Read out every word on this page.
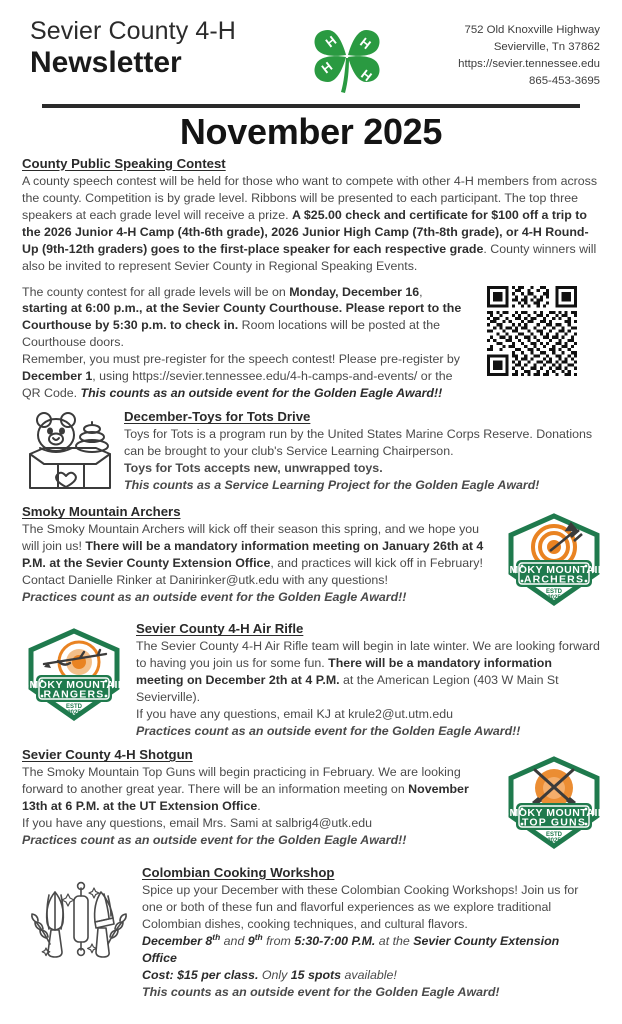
Sevier County 4-H
Newsletter
H H
H H
752 Old Knoxville Highway
Sevierville, Tn 37862
https://sevier.tennessee.edu
865-453-3695
November 2025
County Public Speaking Contest

A county speech contest will be held for those who want to compete with other 4-H members from across the county. Competition is by grade level. Ribbons will be presented to each participant. The top three speakers at each grade level will receive a prize. A $25.00 check and certificate for $100 off a trip to the 2026 Junior 4-H Camp (4th-6th grade), 2026 Junior High Camp (7th-8th grade), or 4-H Round-Up (9th-12th graders) goes to the first-place speaker for each respective grade. County winners will also be invited to represent Sevier County in Regional Speaking Events.

The county contest for all grade levels will be on Monday, December 16, starting at 6:00 p.m., at the Sevier County Courthouse. Please report to the Courthouse by 5:30 p.m. to check in. Room locations will be posted at the Courthouse doors.

Remember, you must pre-register for the speech contest! Please pre-register by December 1, using https://sevier.tennessee.edu/4-h-camps-and-events/ or the QR Code. This counts as an outside event for the Golden Eagle Award!!

December-Toys for Tots Drive

Toys for Tots is a program run by the United States Marine Corps Reserve. Donations can be brought to your club's Service Learning Chairperson.

Toys for Tots accepts new, unwrapped toys.

This counts as a Service Learning Project for the Golden Eagle Award!

Smoky Mountain Archers

The Smoky Mountain Archers will kick off their season this spring, and we hope you will join us! There will be a mandatory information meeting on January 26th at 4 P.M. at the Sevier County Extension Office, and practices will kick off in February!

Contact Danielle Rinker at Danirinker@utk.edu with any questions!

Practices count as an outside event for the Golden Eagle Award!!

SMOKY MOUNTAIN
ARCHERS
ESTD
2025
SMOKY MOUNTAIN
RANGERS
ESTD
2025
Sevier County 4-H Air Rifle

The Sevier County 4-H Air Rifle team will begin in late winter. We are looking forward to having you join us for some fun. There will be a mandatory information meeting on December 2th at 4 P.M. at the American Legion (403 W Main St Sevierville).

If you have any questions, email KJ at krule2@ut.utm.edu

Practices count as an outside event for the Golden Eagle Award!!

Sevier County 4-H Shotgun

The Smoky Mountain Top Guns will begin practicing in February. We are looking forward to another great year. There will be an information meeting on November 13th at 6 P.M. at the UT Extension Office.

If you have any questions, email Mrs. Sami at salbrig4@utk.edu

Practices count as an outside event for the Golden Eagle Award!!

SMOKY MOUNTAIN
TOP GUNS
ESTD
2025
Colombian Cooking Workshop

Spice up your December with these Colombian Cooking Workshops! Join us for one or both of these fun and flavorful experiences as we explore traditional Colombian dishes, cooking techniques, and cultural flavors.

December 8th and 9th from 5:30-7:00 P.M. at the Sevier County Extension Office

Cost: $15 per class. Only 15 spots available!

This counts as an outside event for the Golden Eagle Award!
